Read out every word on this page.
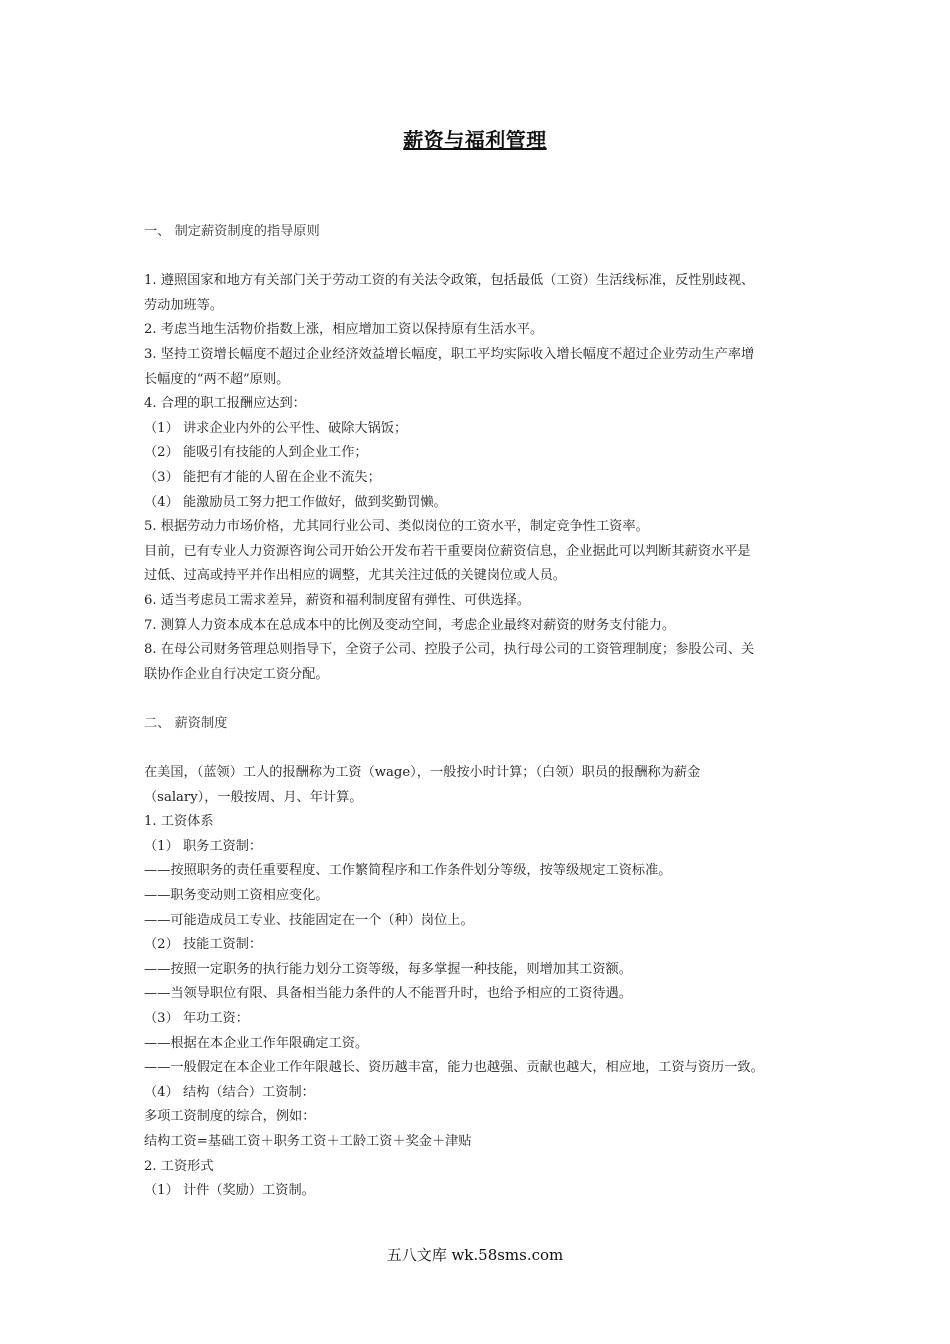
薪资与福利管理
一、 制定薪资制度的指导原则
1. 遵照国家和地方有关部门关于劳动工资的有关法令政策，包括最低（工资）生活线标准，反性别歧视、
劳动加班等。
2. 考虑当地生活物价指数上涨，相应增加工资以保持原有生活水平。
3. 坚持工资增长幅度不超过企业经济效益增长幅度，职工平均实际收入增长幅度不超过企业劳动生产率增
长幅度的“两不超”原则。
4. 合理的职工报酬应达到：
（1） 讲求企业内外的公平性、破除大锅饭；
（2） 能吸引有技能的人到企业工作；
（3） 能把有才能的人留在企业不流失；
（4） 能激励员工努力把工作做好，做到奖勤罚懒。
5. 根据劳动力市场价格，尤其同行业公司、类似岗位的工资水平，制定竞争性工资率。
目前，已有专业人力资源咨询公司开始公开发布若干重要岗位薪资信息，企业据此可以判断其薪资水平是
过低、过高或持平并作出相应的调整，尤其关注过低的关键岗位或人员。
6. 适当考虑员工需求差异，薪资和福利制度留有弹性、可供选择。
7. 测算人力资本成本在总成本中的比例及变动空间，考虑企业最终对薪资的财务支付能力。
8. 在母公司财务管理总则指导下，全资子公司、控股子公司，执行母公司的工资管理制度；参股公司、关
联协作企业自行决定工资分配。
二、 薪资制度
在美国，（蓝领）工人的报酬称为工资（wage），一般按小时计算；（白领）职员的报酬称为薪金
（salary），一般按周、月、年计算。
1. 工资体系
（1） 职务工资制：
——按照职务的责任重要程度、工作繁简程序和工作条件划分等级，按等级规定工资标准。
——职务变动则工资相应变化。
——可能造成员工专业、技能固定在一个（种）岗位上。
（2） 技能工资制：
——按照一定职务的执行能力划分工资等级，每多掌握一种技能，则增加其工资额。
——当领导职位有限、具备相当能力条件的人不能晋升时，也给予相应的工资待遇。
（3） 年功工资：
——根据在本企业工作年限确定工资。
——一般假定在本企业工作年限越长、资历越丰富，能力也越强、贡献也越大，相应地，工资与资历一致。
（4） 结构（结合）工资制：
多项工资制度的综合，例如：
结构工资=基础工资＋职务工资＋工龄工资＋奖金＋津贴
2. 工资形式
（1） 计件（奖励）工资制。
五八文库 wk.58sms.com
